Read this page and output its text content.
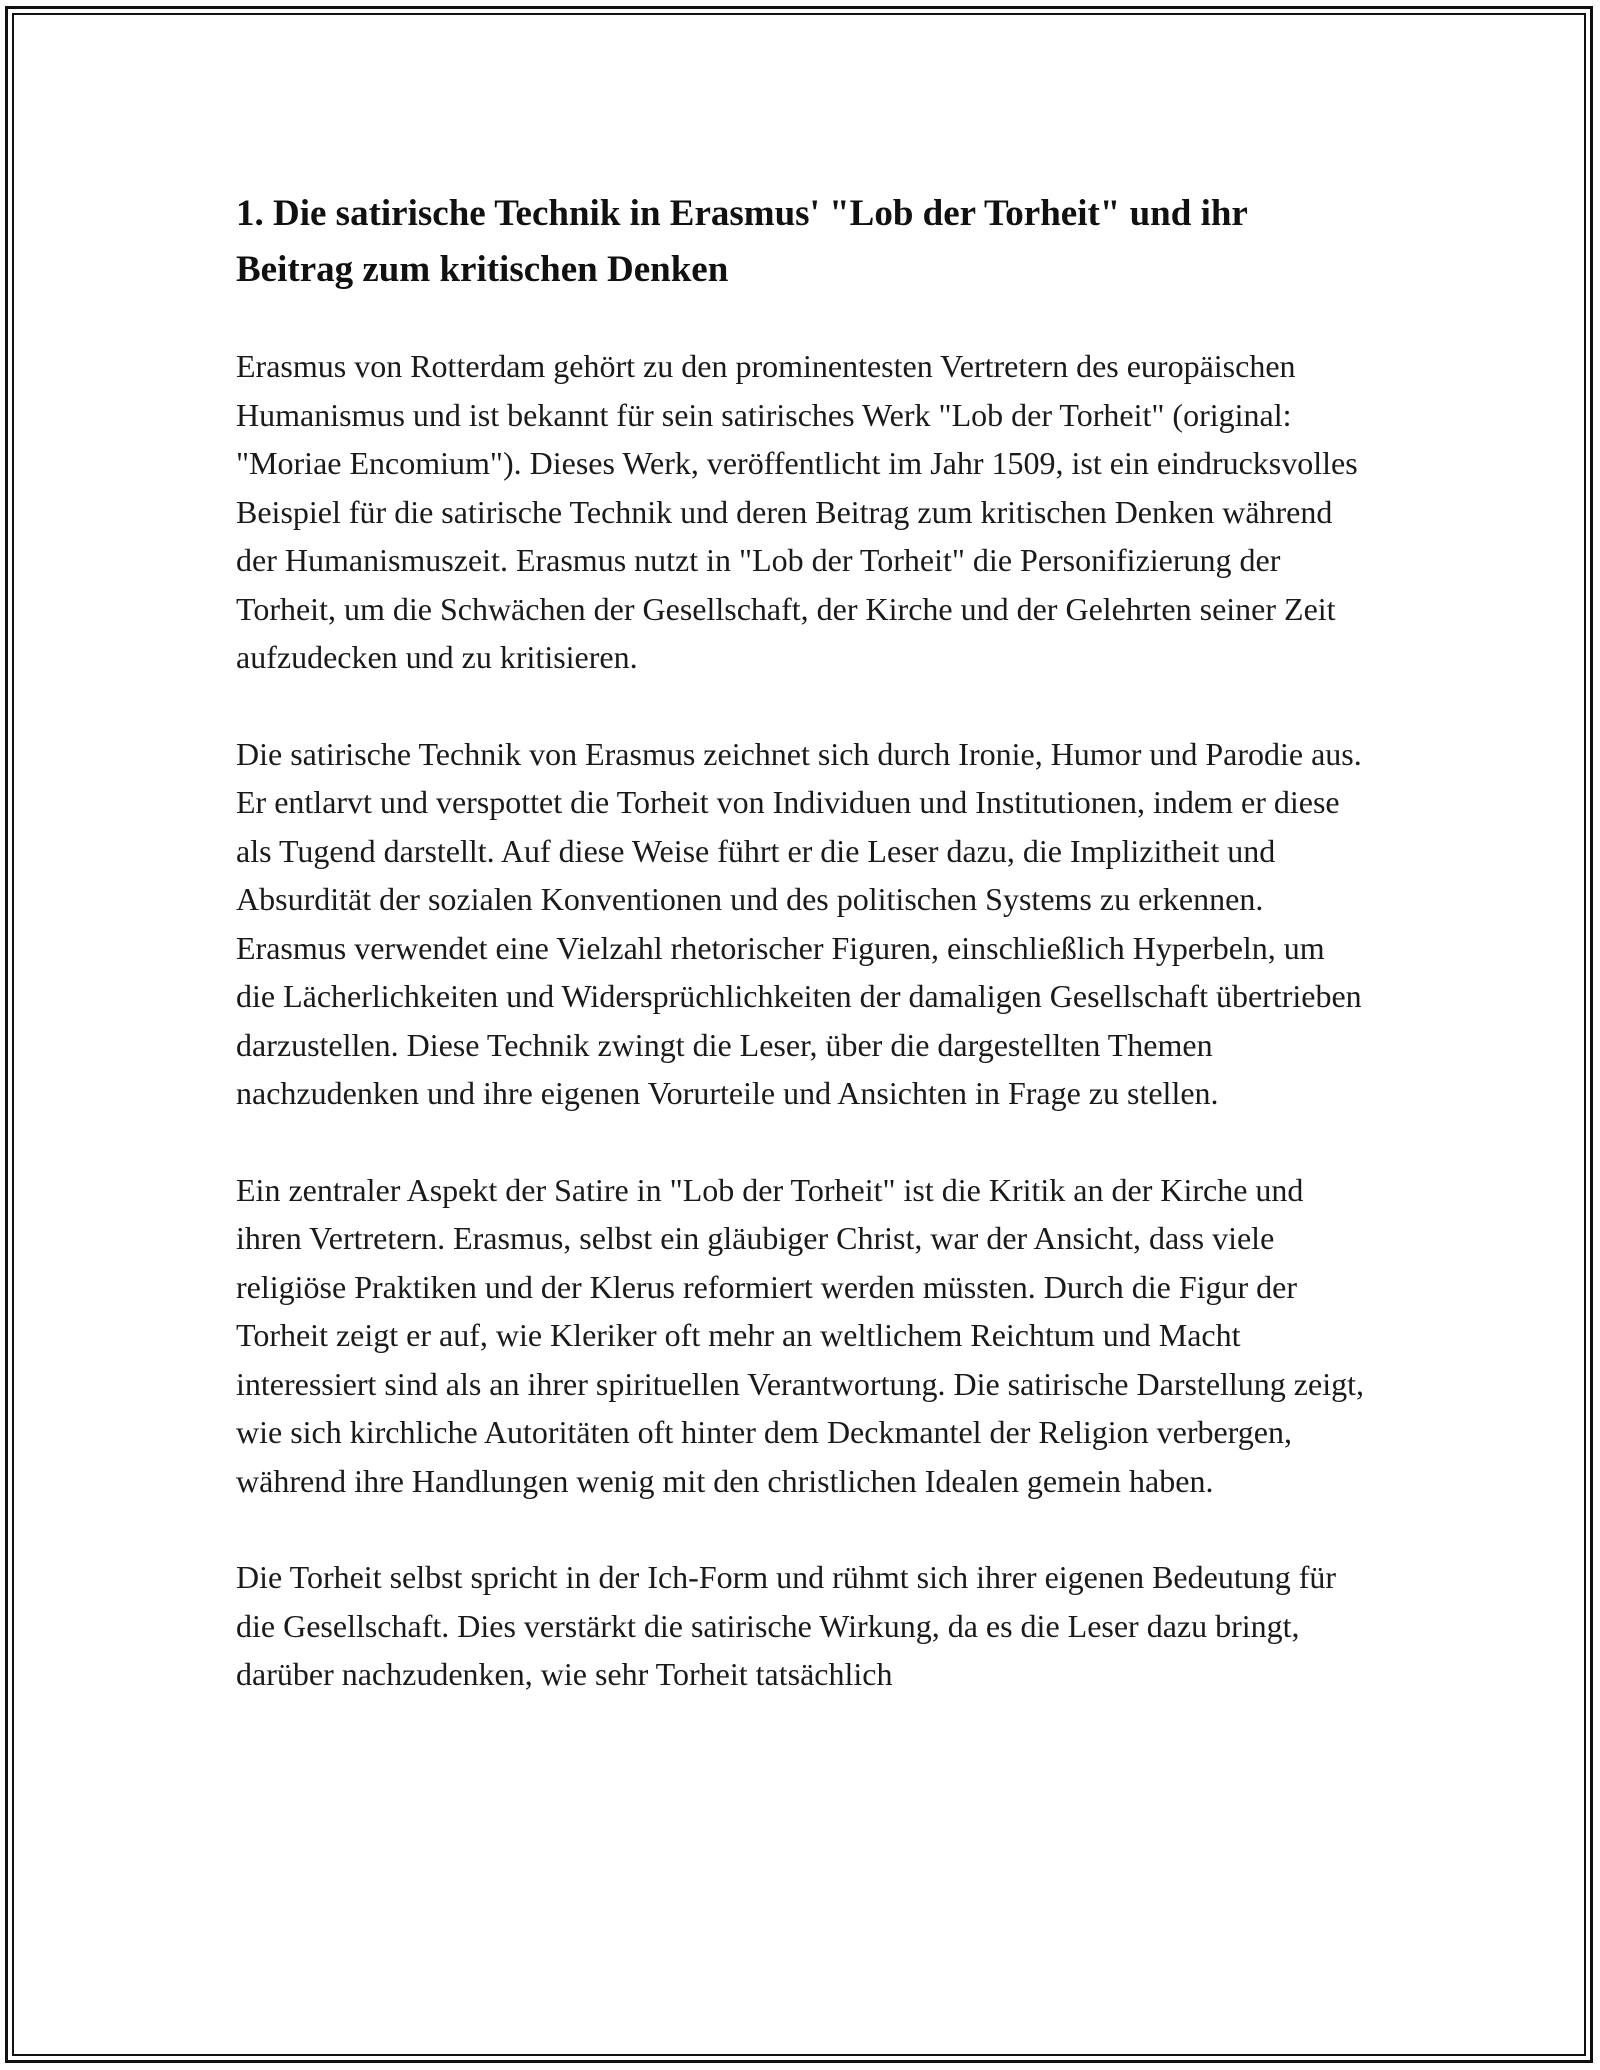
1. Die satirische Technik in Erasmus' "Lob der Torheit" und ihr Beitrag zum kritischen Denken

Erasmus von Rotterdam gehört zu den prominentesten Vertretern des europäischen Humanismus und ist bekannt für sein satirisches Werk "Lob der Torheit" (original: "Moriae Encomium"). Dieses Werk, veröffentlicht im Jahr 1509, ist ein eindrucksvolles Beispiel für die satirische Technik und deren Beitrag zum kritischen Denken während der Humanismuszeit. Erasmus nutzt in "Lob der Torheit" die Personifizierung der Torheit, um die Schwächen der Gesellschaft, der Kirche und der Gelehrten seiner Zeit aufzudecken und zu kritisieren.

Die satirische Technik von Erasmus zeichnet sich durch Ironie, Humor und Parodie aus. Er entlarvt und verspottet die Torheit von Individuen und Institutionen, indem er diese als Tugend darstellt. Auf diese Weise führt er die Leser dazu, die Implizitheit und Absurdität der sozialen Konventionen und des politischen Systems zu erkennen. Erasmus verwendet eine Vielzahl rhetorischer Figuren, einschließlich Hyperbeln, um die Lächerlichkeiten und Widersprüchlichkeiten der damaligen Gesellschaft übertrieben darzustellen. Diese Technik zwingt die Leser, über die dargestellten Themen nachzudenken und ihre eigenen Vorurteile und Ansichten in Frage zu stellen.

Ein zentraler Aspekt der Satire in "Lob der Torheit" ist die Kritik an der Kirche und ihren Vertretern. Erasmus, selbst ein gläubiger Christ, war der Ansicht, dass viele religiöse Praktiken und der Klerus reformiert werden müssten. Durch die Figur der Torheit zeigt er auf, wie Kleriker oft mehr an weltlichem Reichtum und Macht interessiert sind als an ihrer spirituellen Verantwortung. Die satirische Darstellung zeigt, wie sich kirchliche Autoritäten oft hinter dem Deckmantel der Religion verbergen, während ihre Handlungen wenig mit den christlichen Idealen gemein haben.

Die Torheit selbst spricht in der Ich-Form und rühmt sich ihrer eigenen Bedeutung für die Gesellschaft. Dies verstärkt die satirische Wirkung, da es die Leser dazu bringt, darüber nachzudenken, wie sehr Torheit tatsächlich
